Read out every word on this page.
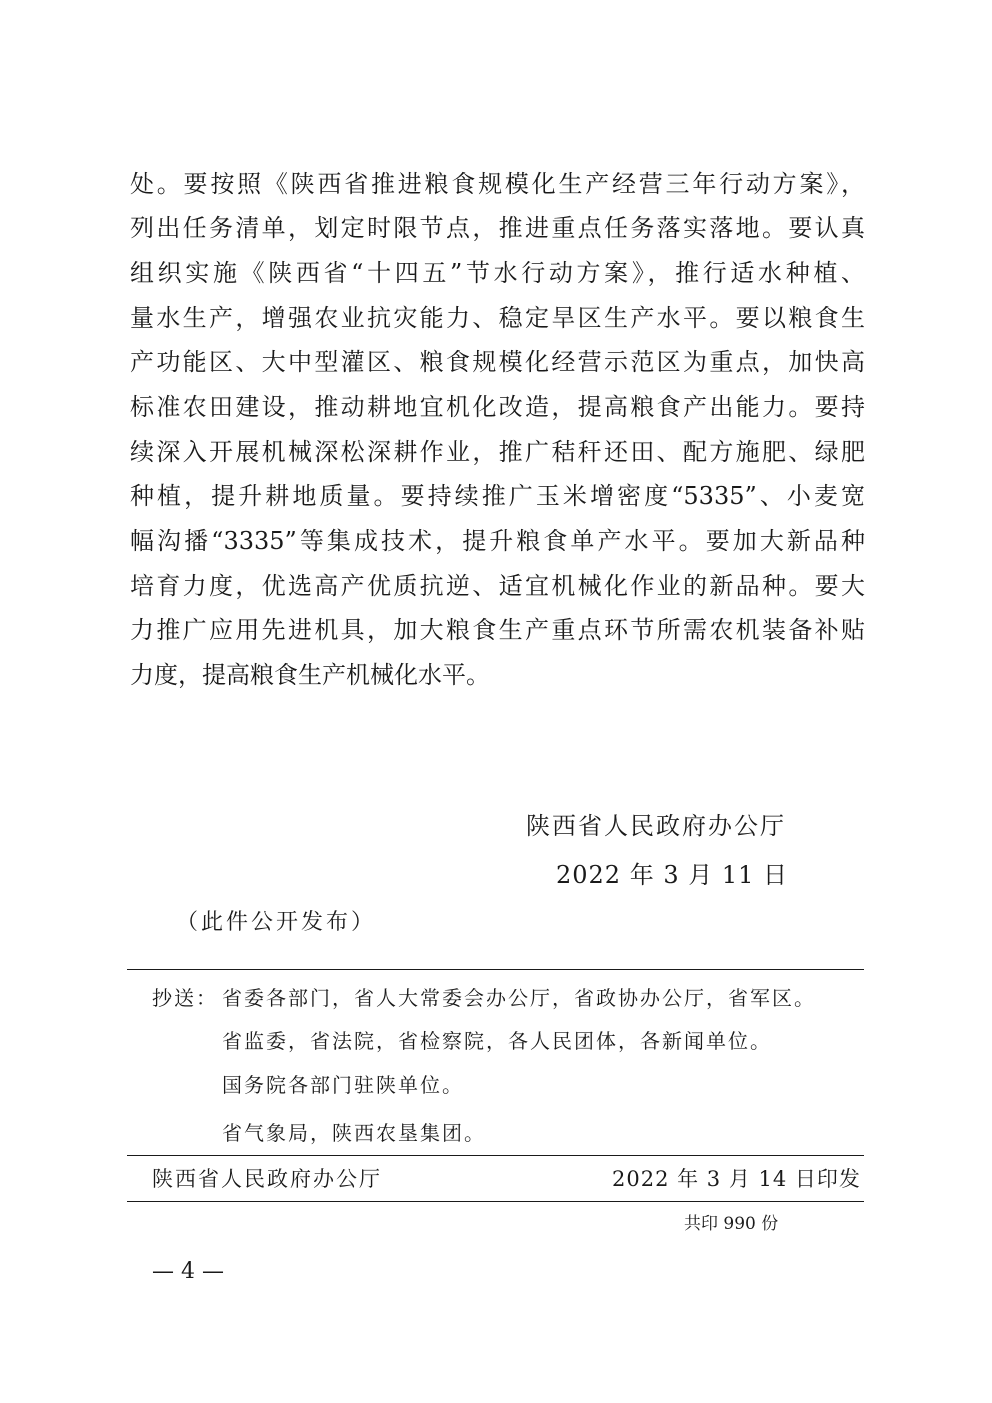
处。要按照《陕西省推进粮食规模化生产经营三年行动方案》，
列出任务清单，划定时限节点，推进重点任务落实落地。要认真
组织实施《陕西省“十四五”节水行动方案》，推行适水种植、
量水生产，增强农业抗灾能力、稳定旱区生产水平。要以粮食生
产功能区、大中型灌区、粮食规模化经营示范区为重点，加快高
标准农田建设，推动耕地宜机化改造，提高粮食产出能力。要持
续深入开展机械深松深耕作业，推广秸秆还田、配方施肥、绿肥
种植，提升耕地质量。要持续推广玉米增密度“5335”、小麦宽
幅沟播“3335”等集成技术，提升粮食单产水平。要加大新品种
培育力度，优选高产优质抗逆、适宜机械化作业的新品种。要大
力推广应用先进机具，加大粮食生产重点环节所需农机装备补贴
力度，提高粮食生产机械化水平。
陕西省人民政府办公厅
2022 年 3 月 11 日
（此件公开发布）
抄送： 省委各部门，省人大常委会办公厅，省政协办公厅，省军区。
省监委，省法院，省检察院，各人民团体，各新闻单位。
国务院各部门驻陕单位。
省气象局，陕西农垦集团。
陕西省人民政府办公厅	2022 年 3 月 14 日印发
共印 990 份
— 4 —
